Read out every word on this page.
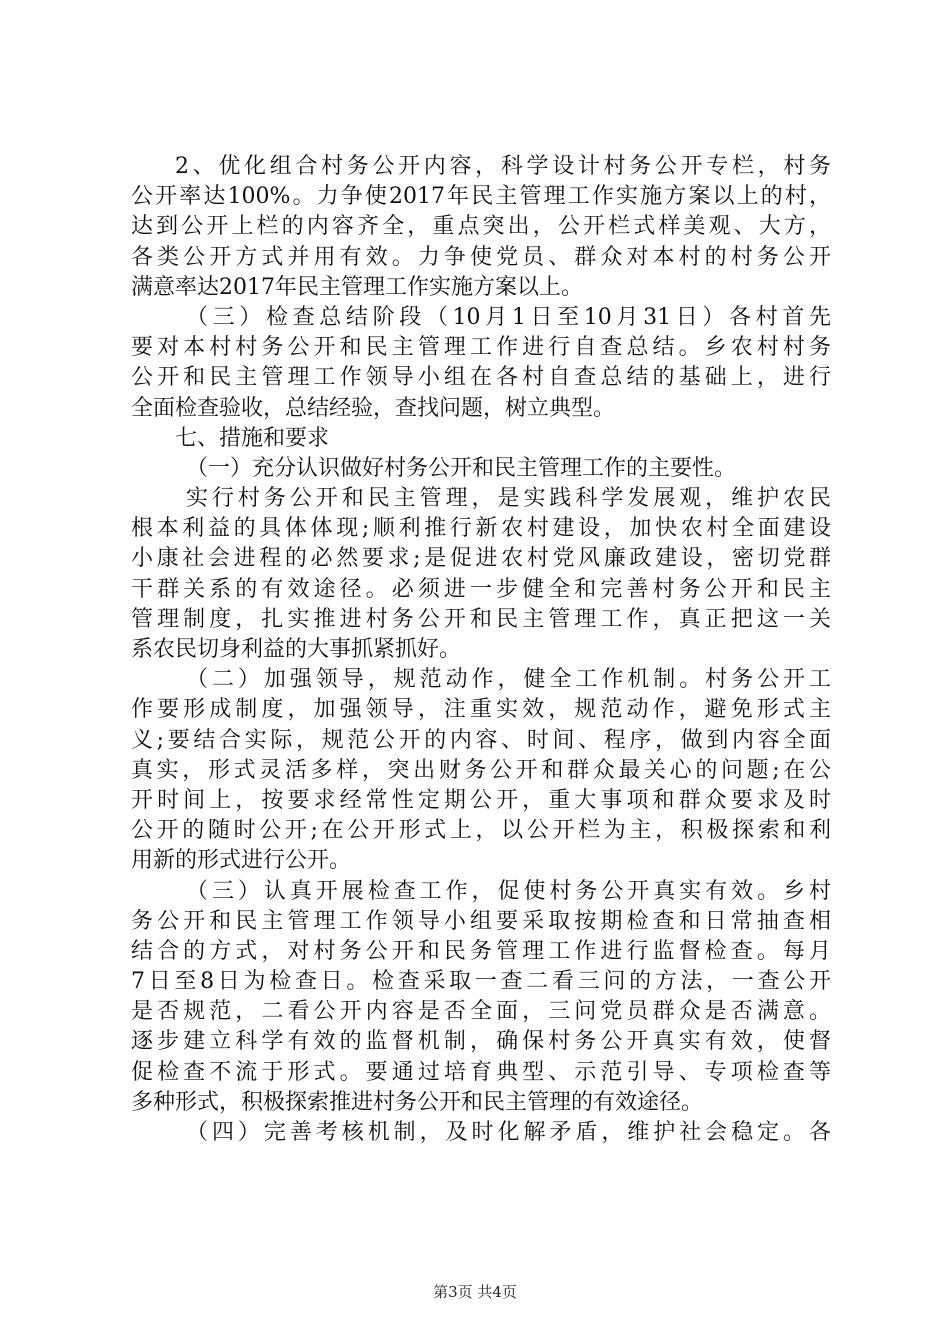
2、优化组合村务公开内容，科学设计村务公开专栏，村务
公开率达100%。力争使2017年民主管理工作实施方案以上的村，
达到公开上栏的内容齐全，重点突出，公开栏式样美观、大方，
各类公开方式并用有效。力争使党员、群众对本村的村务公开
满意率达2017年民主管理工作实施方案以上。
（三）检查总结阶段（10月1日至10月31日）各村首先
要对本村村务公开和民主管理工作进行自查总结。乡农村村务
公开和民主管理工作领导小组在各村自查总结的基础上，进行
全面检查验收，总结经验，查找问题，树立典型。
七、措施和要求
（一）充分认识做好村务公开和民主管理工作的主要性。
实行村务公开和民主管理，是实践科学发展观，维护农民
根本利益的具体体现;顺利推行新农村建设，加快农村全面建设
小康社会进程的必然要求;是促进农村党风廉政建设，密切党群
干群关系的有效途径。必须进一步健全和完善村务公开和民主
管理制度，扎实推进村务公开和民主管理工作，真正把这一关
系农民切身利益的大事抓紧抓好。
（二）加强领导，规范动作，健全工作机制。村务公开工
作要形成制度，加强领导，注重实效，规范动作，避免形式主
义;要结合实际，规范公开的内容、时间、程序，做到内容全面
真实，形式灵活多样，突出财务公开和群众最关心的问题;在公
开时间上，按要求经常性定期公开，重大事项和群众要求及时
公开的随时公开;在公开形式上，以公开栏为主，积极探索和利
用新的形式进行公开。
（三）认真开展检查工作，促使村务公开真实有效。乡村
务公开和民主管理工作领导小组要采取按期检查和日常抽查相
结合的方式，对村务公开和民务管理工作进行监督检查。每月
7日至8日为检查日。检查采取一查二看三问的方法，一查公开
是否规范，二看公开内容是否全面，三问党员群众是否满意。
逐步建立科学有效的监督机制，确保村务公开真实有效，使督
促检查不流于形式。要通过培育典型、示范引导、专项检查等
多种形式，积极探索推进村务公开和民主管理的有效途径。
（四）完善考核机制，及时化解矛盾，维护社会稳定。各
第3页 共4页
